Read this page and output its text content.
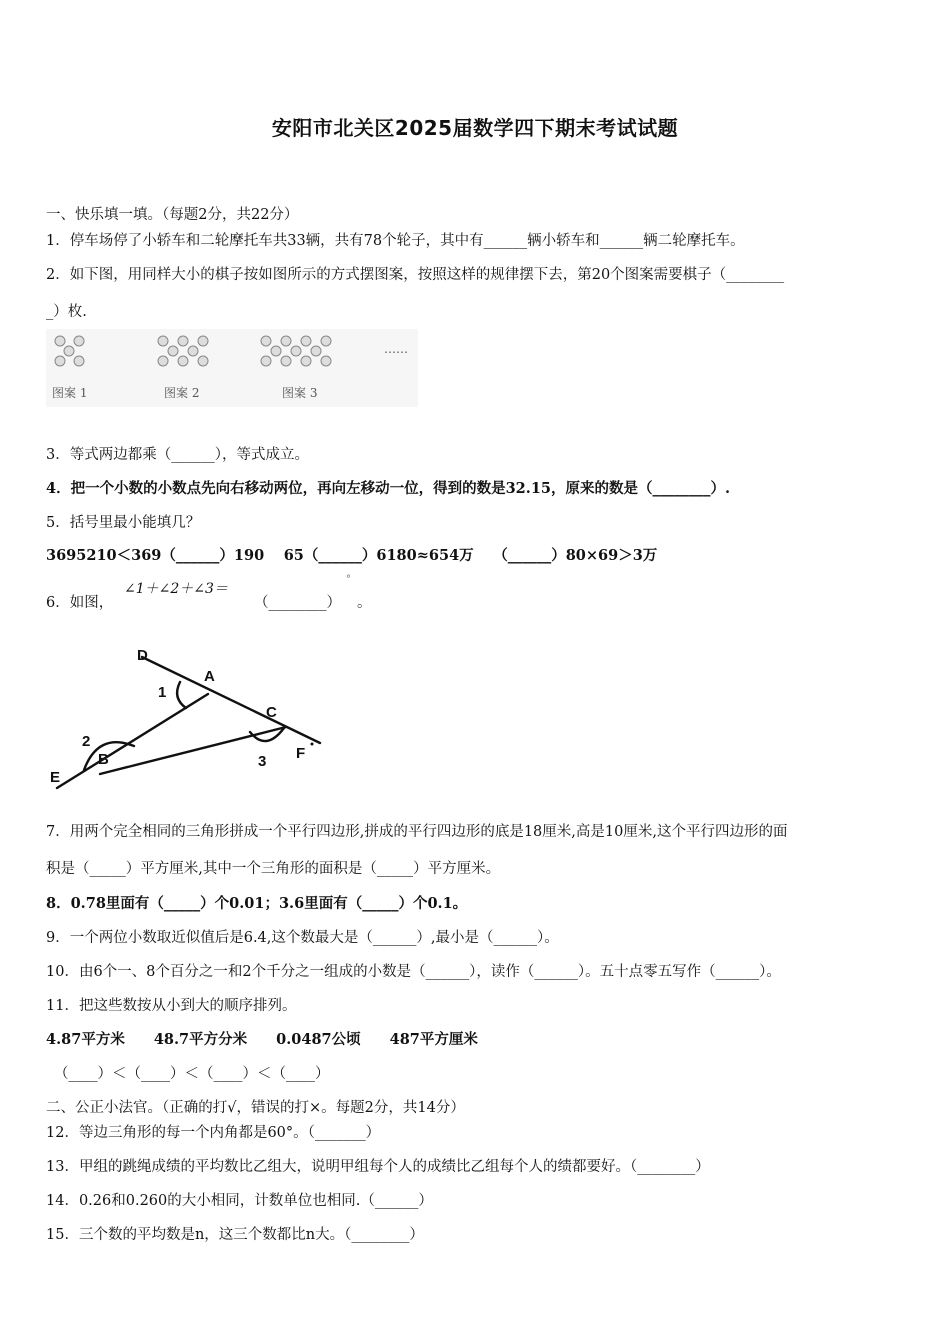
安阳市北关区2025届数学四下期末考试试题
一、快乐填一填。（每题2分，共22分）
1．停车场停了小轿车和二轮摩托车共33辆，共有78个轮子，其中有______辆小轿车和______辆二轮摩托车。
2．如下图，用同样大小的棋子按如图所示的方式摆图案，按照这样的规律摆下去，第20个图案需要棋子（________
_）枚.
图案 1	图案 2	图案 3
……
3．等式两边都乘（______），等式成立。
4．把一个小数的小数点先向右移动两位，再向左移动一位，得到的数是32.15，原来的数是（________）.
5．括号里最小能填几？
3695210＜369（______）190　 65（______）6180≈654万　 （______）80×69＞3万
6．如图，
∠1＋∠2＋∠3＝
（________）
°
。
D
A
C
F
E
B
1
2
3
7．用两个完全相同的三角形拼成一个平行四边形,拼成的平行四边形的底是18厘米,高是10厘米,这个平行四边形的面
积是（_____）平方厘米,其中一个三角形的面积是（_____）平方厘米。
8．0.78里面有（_____）个0.01；3.6里面有（_____）个0.1。
9．一个两位小数取近似值后是6.4,这个数最大是（______）,最小是（______）。
10．由6个一、8个百分之一和2个千分之一组成的小数是（______），读作（______）。五十点零五写作（______）。
11．把这些数按从小到大的顺序排列。
4.87平方米　　48.7平方分米　　0.0487公顷　　487平方厘米
（____）＜（____）＜（____）＜（____）
二、公正小法官。（正确的打√，错误的打×。每题2分，共14分）
12．等边三角形的每一个内角都是60°。（_______）
13．甲组的跳绳成绩的平均数比乙组大，说明甲组每个人的成绩比乙组每个人的绩都要好。（________）
14．0.26和0.260的大小相同，计数单位也相同.（______）
15．三个数的平均数是n，这三个数都比n大。（________）
